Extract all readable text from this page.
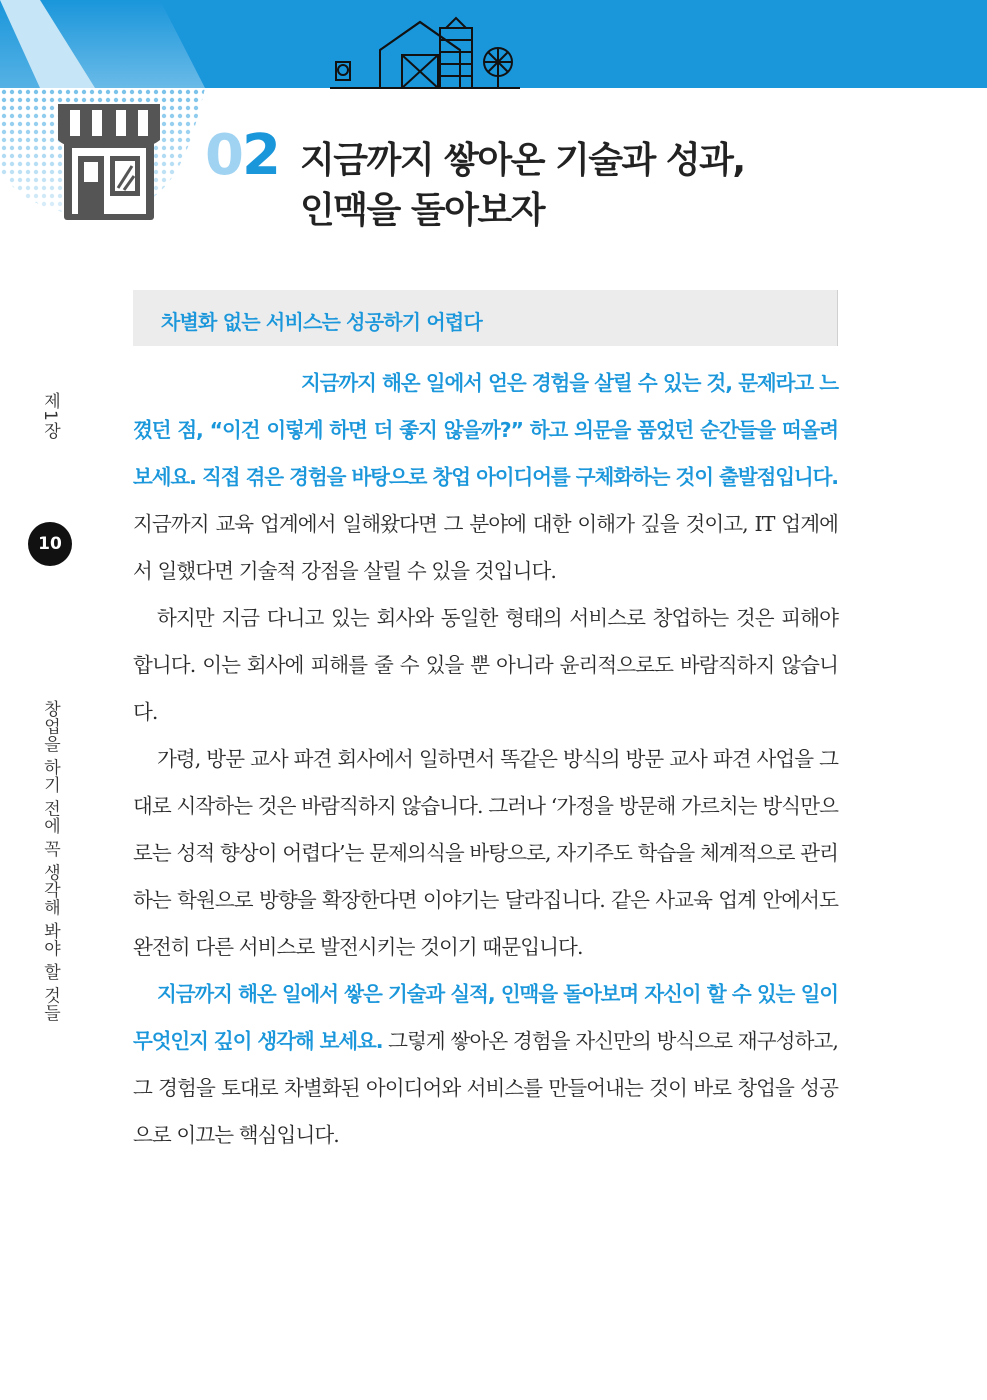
02 지금까지 쌓아온 기술과 성과,
인맥을 돌아보자
차별화 없는 서비스는 성공하기 어렵다
제1장
10
창업을 하기 전에 꼭 생각해 봐야 할 것들

지금까지 해온 일에서 얻은 경험을 살릴 수 있는 것, 문제라고 느꼈던 점, “이건 이렇게 하면 더 좋지 않을까?” 하고 의문을 품었던 순간들을 떠올려 보세요. 직접 겪은 경험을 바탕으로 창업 아이디어를 구체화하는 것이 출발점입니다. 지금까지 교육 업계에서 일해왔다면 그 분야에 대한 이해가 깊을 것이고, IT 업계에서 일했다면 기술적 강점을 살릴 수 있을 것입니다.

하지만 지금 다니고 있는 회사와 동일한 형태의 서비스로 창업하는 것은 피해야 합니다. 이는 회사에 피해를 줄 수 있을 뿐 아니라 윤리적으로도 바람직하지 않습니다.

가령, 방문 교사 파견 회사에서 일하면서 똑같은 방식의 방문 교사 파견 사업을 그대로 시작하는 것은 바람직하지 않습니다. 그러나 ‘가정을 방문해 가르치는 방식만으로는 성적 향상이 어렵다’는 문제의식을 바탕으로, 자기주도 학습을 체계적으로 관리하는 학원으로 방향을 확장한다면 이야기는 달라집니다. 같은 사교육 업계 안에서도 완전히 다른 서비스로 발전시키는 것이기 때문입니다.

지금까지 해온 일에서 쌓은 기술과 실적, 인맥을 돌아보며 자신이 할 수 있는 일이 무엇인지 깊이 생각해 보세요. 그렇게 쌓아온 경험을 자신만의 방식으로 재구성하고, 그 경험을 토대로 차별화된 아이디어와 서비스를 만들어내는 것이 바로 창업을 성공으로 이끄는 핵심입니다.
